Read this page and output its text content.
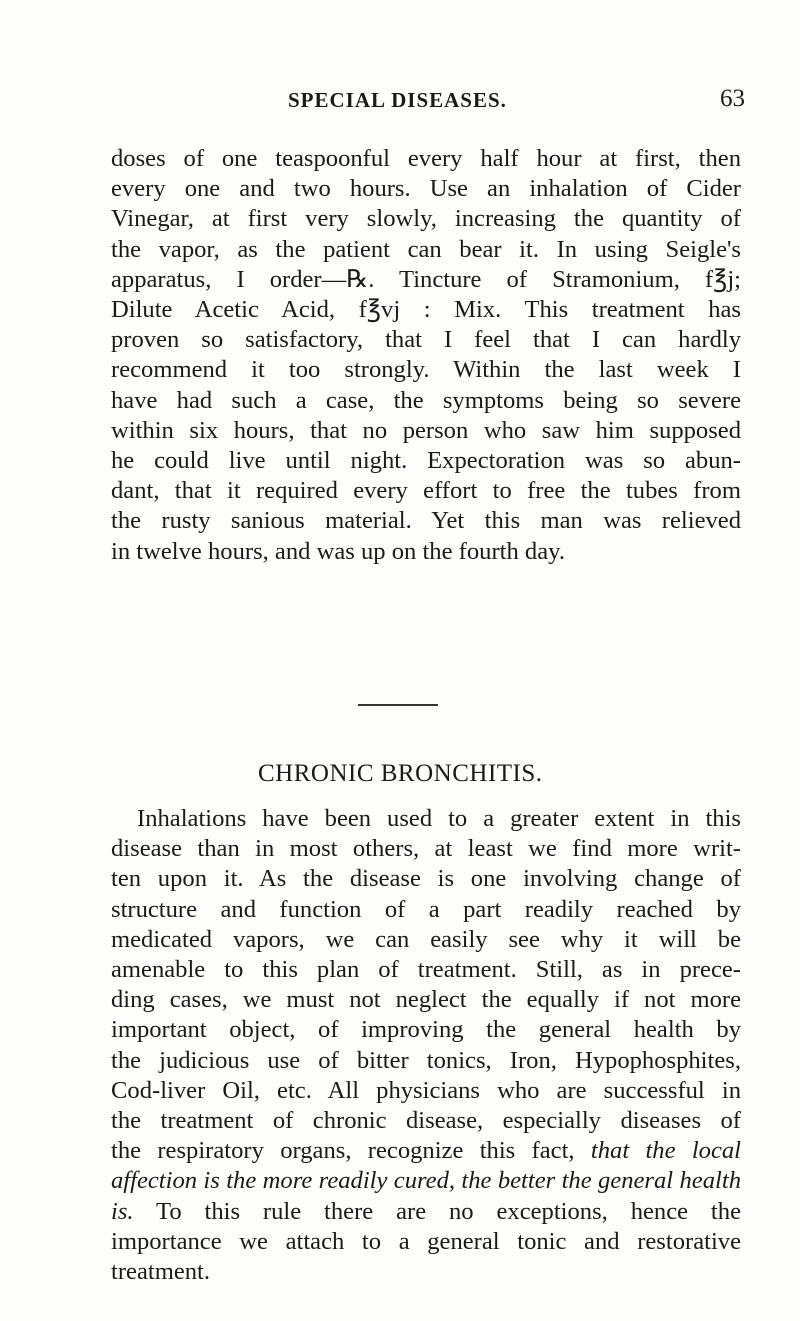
SPECIAL DISEASES.	63
doses of one teaspoonful every half hour at first, then
every one and two hours. Use an inhalation of Cider
Vinegar, at first very slowly, increasing the quantity of
the vapor, as the patient can bear it. In using Seigle's
apparatus, I order—℞. Tincture of Stramonium, f℥j;
Dilute Acetic Acid, f℥vj : Mix. This treatment has
proven so satisfactory, that I feel that I can hardly
recommend it too strongly. Within the last week I
have had such a case, the symptoms being so severe
within six hours, that no person who saw him supposed
he could live until night. Expectoration was so abun-
dant, that it required every effort to free the tubes from
the rusty sanious material. Yet this man was relieved
in twelve hours, and was up on the fourth day.
CHRONIC BRONCHITIS.
Inhalations have been used to a greater extent in this
disease than in most others, at least we find more writ-
ten upon it. As the disease is one involving change of
structure and function of a part readily reached by
medicated vapors, we can easily see why it will be
amenable to this plan of treatment. Still, as in prece-
ding cases, we must not neglect the equally if not more
important object, of improving the general health by
the judicious use of bitter tonics, Iron, Hypophosphites,
Cod-liver Oil, etc. All physicians who are successful in
the treatment of chronic disease, especially diseases of
the respiratory organs, recognize this fact, that the local
affection is the more readily cured, the better the general health
is. To this rule there are no exceptions, hence the
importance we attach to a general tonic and restorative
treatment.
